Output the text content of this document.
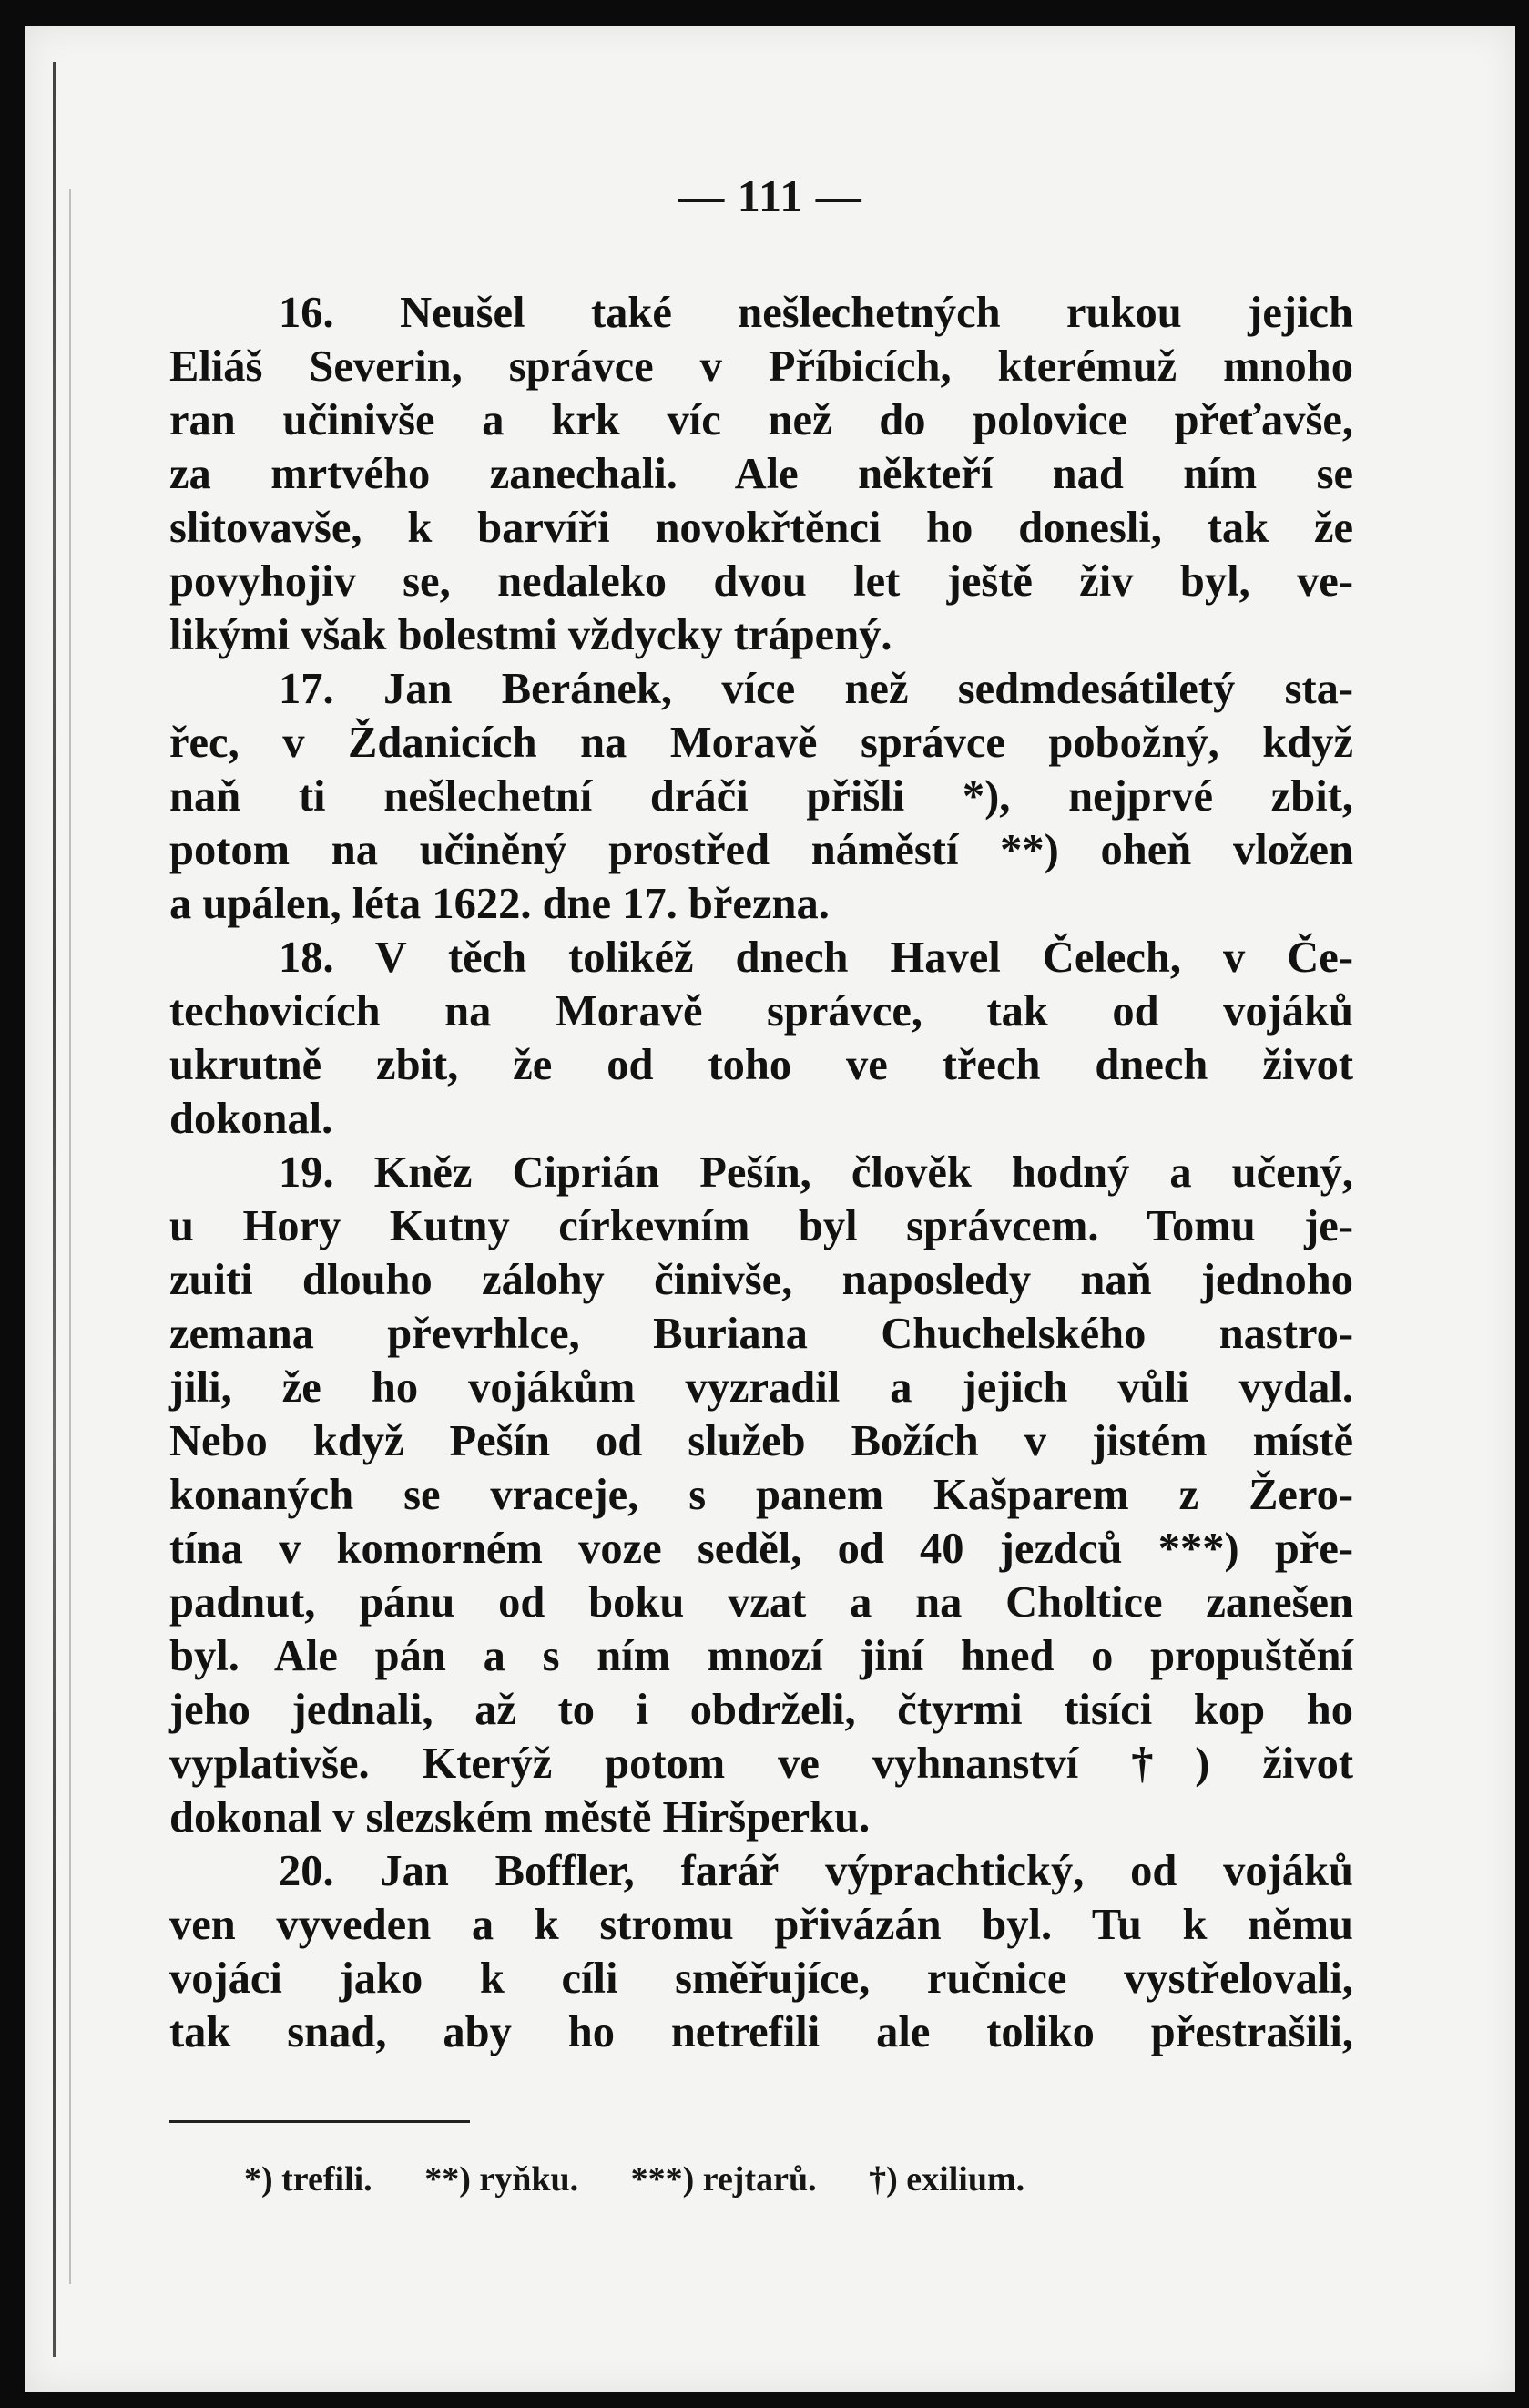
— 111 —
16. Neušel také nešlechetných rukou jejich
Eliáš Severin, správce v Příbicích, kterémuž mnoho
ran učinivše a krk víc než do polovice přeťavše,
za mrtvého zanechali. Ale někteří nad ním se
slitovavše, k barvíři novokřtěnci ho donesli, tak že
povyhojiv se, nedaleko dvou let ještě živ byl, ve-
likými však bolestmi vždycky trápený.
17. Jan Beránek, více než sedmdesátiletý sta-
řec, v Ždanicích na Moravě správce pobožný, když
naň ti nešlechetní dráči přišli *), nejprvé zbit,
potom na učiněný prostřed náměstí **) oheň vložen
a upálen, léta 1622. dne 17. března.
18. V těch tolikéž dnech Havel Čelech, v Če-
techovicích na Moravě správce, tak od vojáků
ukrutně zbit, že od toho ve třech dnech život
dokonal.
19. Kněz Ciprián Pešín, člověk hodný a učený,
u Hory Kutny církevním byl správcem. Tomu je-
zuiti dlouho zálohy činivše, naposledy naň jednoho
zemana převrhlce, Buriana Chuchelského nastro-
jili, že ho vojákům vyzradil a jejich vůli vydal.
Nebo když Pešín od služeb Božích v jistém místě
konaných se vraceje, s panem Kašparem z Žero-
tína v komorném voze seděl, od 40 jezdců ***) pře-
padnut, pánu od boku vzat a na Choltice zanešen
byl. Ale pán a s ním mnozí jiní hned o propuštění
jeho jednali, až to i obdrželi, čtyrmi tisíci kop ho
vyplativše. Kterýž potom ve vyhnanství †) život
dokonal v slezském městě Hiršperku.
20. Jan Boffler, farář výprachtický, od vojáků
ven vyveden a k stromu přivázán byl. Tu k němu
vojáci jako k cíli směřujíce, ručnice vystřelovali,
tak snad, aby ho netrefili ale toliko přestrašili,
*) trefili. **) ryňku. ***) rejtarů. †) exilium.
